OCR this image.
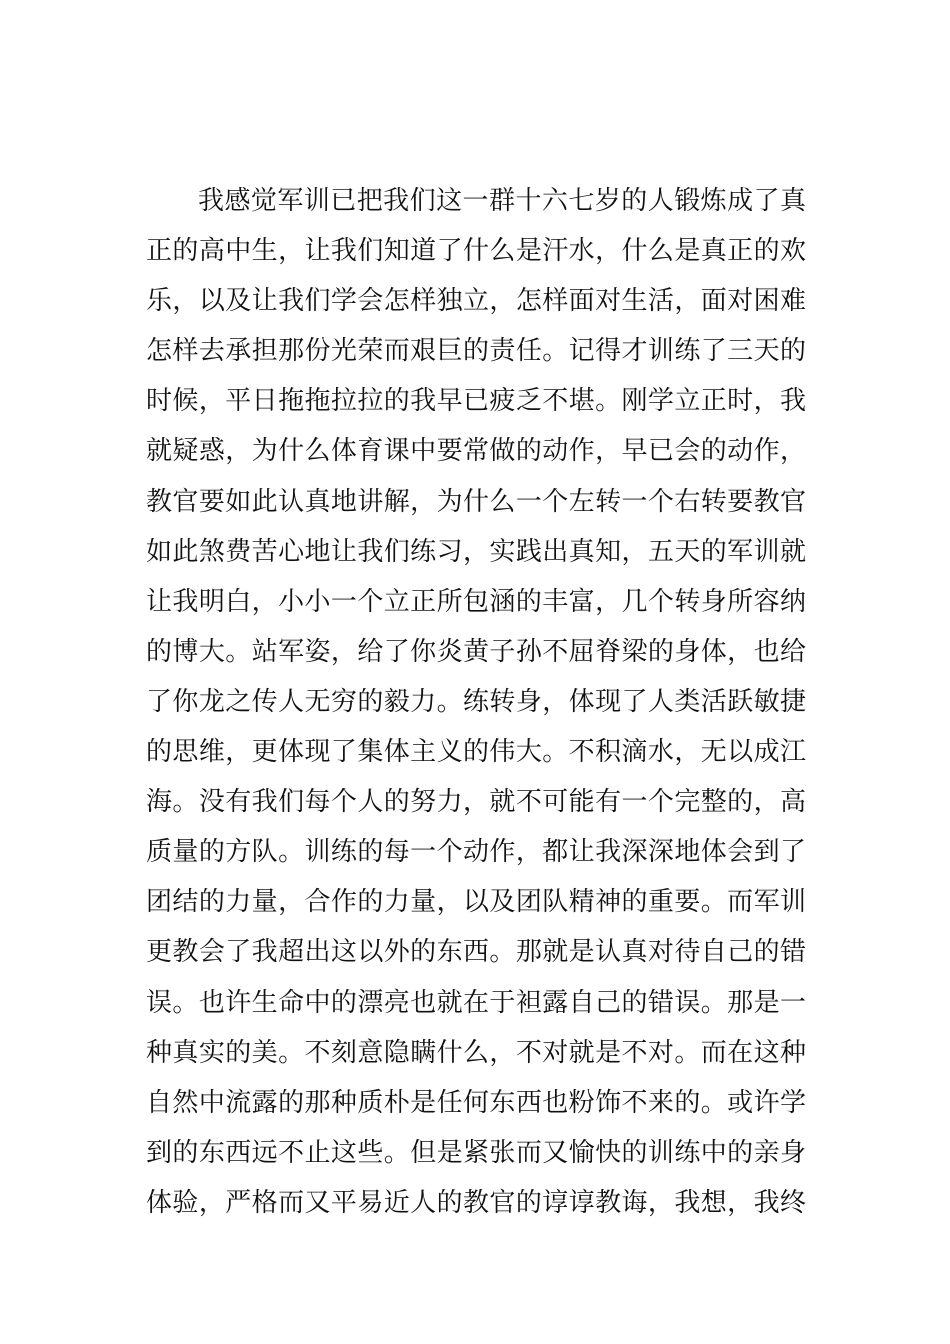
我感觉军训已把我们这一群十六七岁的人锻炼成了真
正的高中生，让我们知道了什么是汗水，什么是真正的欢
乐，以及让我们学会怎样独立，怎样面对生活，面对困难
怎样去承担那份光荣而艰巨的责任。记得才训练了三天的
时候，平日拖拖拉拉的我早已疲乏不堪。刚学立正时，我
就疑惑，为什么体育课中要常做的动作，早已会的动作，
教官要如此认真地讲解，为什么一个左转一个右转要教官
如此煞费苦心地让我们练习，实践出真知，五天的军训就
让我明白，小小一个立正所包涵的丰富，几个转身所容纳
的博大。站军姿，给了你炎黄子孙不屈脊梁的身体，也给
了你龙之传人无穷的毅力。练转身，体现了人类活跃敏捷
的思维，更体现了集体主义的伟大。不积滴水，无以成江
海。没有我们每个人的努力，就不可能有一个完整的，高
质量的方队。训练的每一个动作，都让我深深地体会到了
团结的力量，合作的力量，以及团队精神的重要。而军训
更教会了我超出这以外的东西。那就是认真对待自己的错
误。也许生命中的漂亮也就在于袒露自己的错误。那是一
种真实的美。不刻意隐瞒什么，不对就是不对。而在这种
自然中流露的那种质朴是任何东西也粉饰不来的。或许学
到的东西远不止这些。但是紧张而又愉快的训练中的亲身
体验，严格而又平易近人的教官的谆谆教诲，我想，我终
